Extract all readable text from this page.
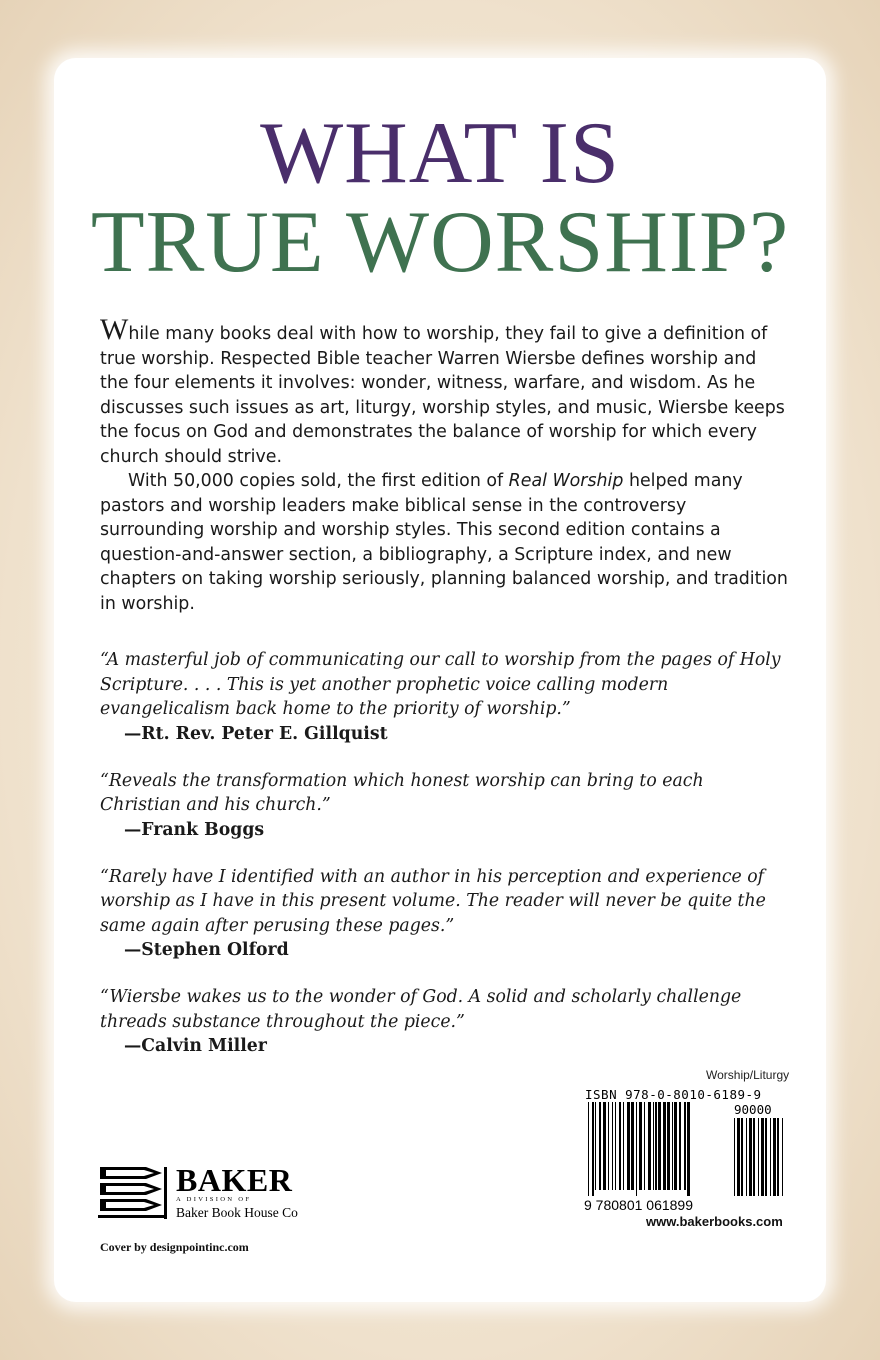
WHAT IS
TRUE WORSHIP?

While many books deal with how to worship, they fail to give a definition of true worship. Respected Bible teacher Warren Wiersbe defines worship and the four elements it involves: wonder, witness, warfare, and wisdom. As he discusses such issues as art, liturgy, worship styles, and music, Wiersbe keeps the focus on God and demonstrates the balance of worship for which every church should strive.

With 50,000 copies sold, the first edition of Real Worship helped many pastors and worship leaders make biblical sense in the controversy surrounding worship and worship styles. This second edition contains a question-and-answer section, a bibliography, a Scripture index, and new chapters on taking worship seriously, planning balanced worship, and tradition in worship.

“A masterful job of communicating our call to worship from the pages of Holy Scripture. . . . This is yet another prophetic voice calling modern evangelicalism back home to the priority of worship.”
—Rt. Rev. Peter E. Gillquist
“Reveals the transformation which honest worship can bring to each Christian and his church.”
—Frank Boggs
“Rarely have I identified with an author in his perception and experience of worship as I have in this present volume. The reader will never be quite the same again after perusing these pages.”
—Stephen Olford
“Wiersbe wakes us to the wonder of God. A solid and scholarly challenge threads substance throughout the piece.”
—Calvin Miller
Worship/Liturgy
ISBN 978-0-8010-6189-9
90000
9 780801 061899
www.bakerbooks.com
BAKER
A DIVISION OF
Baker Book House Co
Cover by designpointinc.com
